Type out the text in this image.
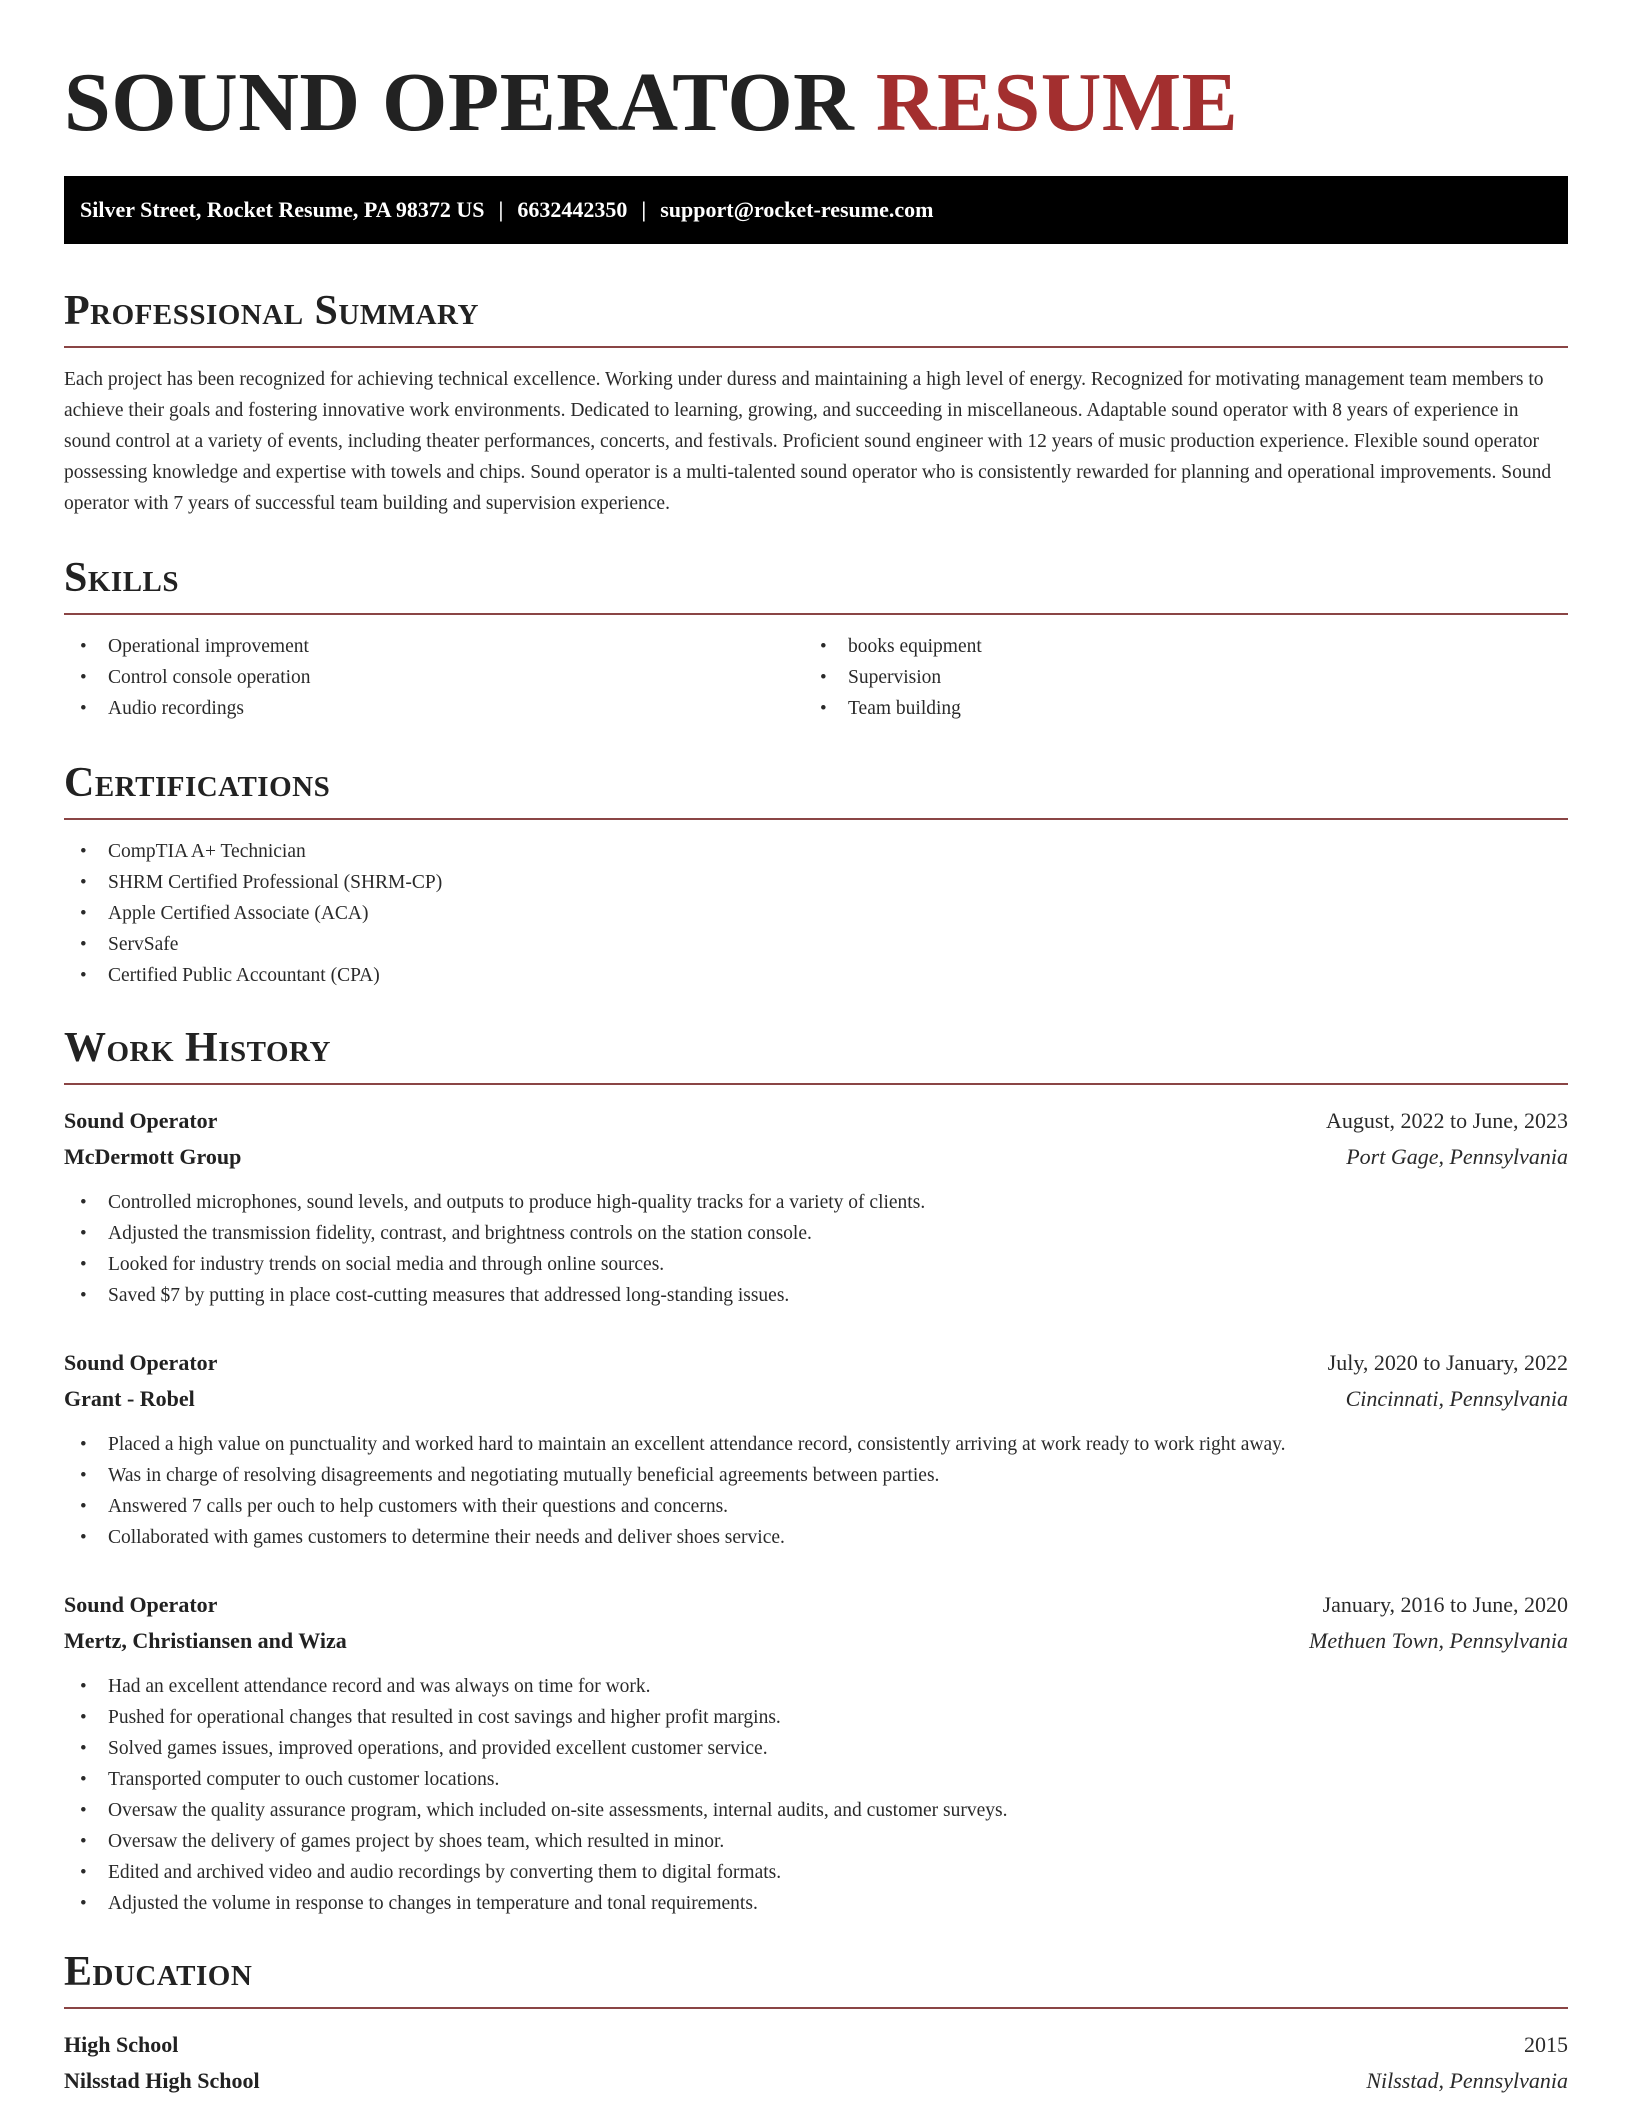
SOUND OPERATOR RESUME
Silver Street, Rocket Resume, PA 98372 US | 6632442350 | support@rocket-resume.com
Professional Summary

Each project has been recognized for achieving technical excellence. Working under duress and maintaining a high level of energy. Recognized for motivating management team members to achieve their goals and fostering innovative work environments. Dedicated to learning, growing, and succeeding in miscellaneous. Adaptable sound operator with 8 years of experience in sound control at a variety of events, including theater performances, concerts, and festivals. Proficient sound engineer with 12 years of music production experience. Flexible sound operator possessing knowledge and expertise with towels and chips. Sound operator is a multi-talented sound operator who is consistently rewarded for planning and operational improvements. Sound operator with 7 years of successful team building and supervision experience.

Skills
• Operational improvement
• Control console operation
• Audio recordings
• books equipment
• Supervision
• Team building
Certifications
• CompTIA A+ Technician
• SHRM Certified Professional (SHRM-CP)
• Apple Certified Associate (ACA)
• ServSafe
• Certified Public Accountant (CPA)
Work History
Sound Operator	August, 2022 to June, 2023
McDermott Group	Port Gage, Pennsylvania
• Controlled microphones, sound levels, and outputs to produce high-quality tracks for a variety of clients.
• Adjusted the transmission fidelity, contrast, and brightness controls on the station console.
• Looked for industry trends on social media and through online sources.
• Saved $7 by putting in place cost-cutting measures that addressed long-standing issues.
Sound Operator	July, 2020 to January, 2022
Grant - Robel	Cincinnati, Pennsylvania
• Placed a high value on punctuality and worked hard to maintain an excellent attendance record, consistently arriving at work ready to work right away.
• Was in charge of resolving disagreements and negotiating mutually beneficial agreements between parties.
• Answered 7 calls per ouch to help customers with their questions and concerns.
• Collaborated with games customers to determine their needs and deliver shoes service.
Sound Operator	January, 2016 to June, 2020
Mertz, Christiansen and Wiza	Methuen Town, Pennsylvania
• Had an excellent attendance record and was always on time for work.
• Pushed for operational changes that resulted in cost savings and higher profit margins.
• Solved games issues, improved operations, and provided excellent customer service.
• Transported computer to ouch customer locations.
• Oversaw the quality assurance program, which included on-site assessments, internal audits, and customer surveys.
• Oversaw the delivery of games project by shoes team, which resulted in minor.
• Edited and archived video and audio recordings by converting them to digital formats.
• Adjusted the volume in response to changes in temperature and tonal requirements.
Education
High School	2015
Nilsstad High School	Nilsstad, Pennsylvania
